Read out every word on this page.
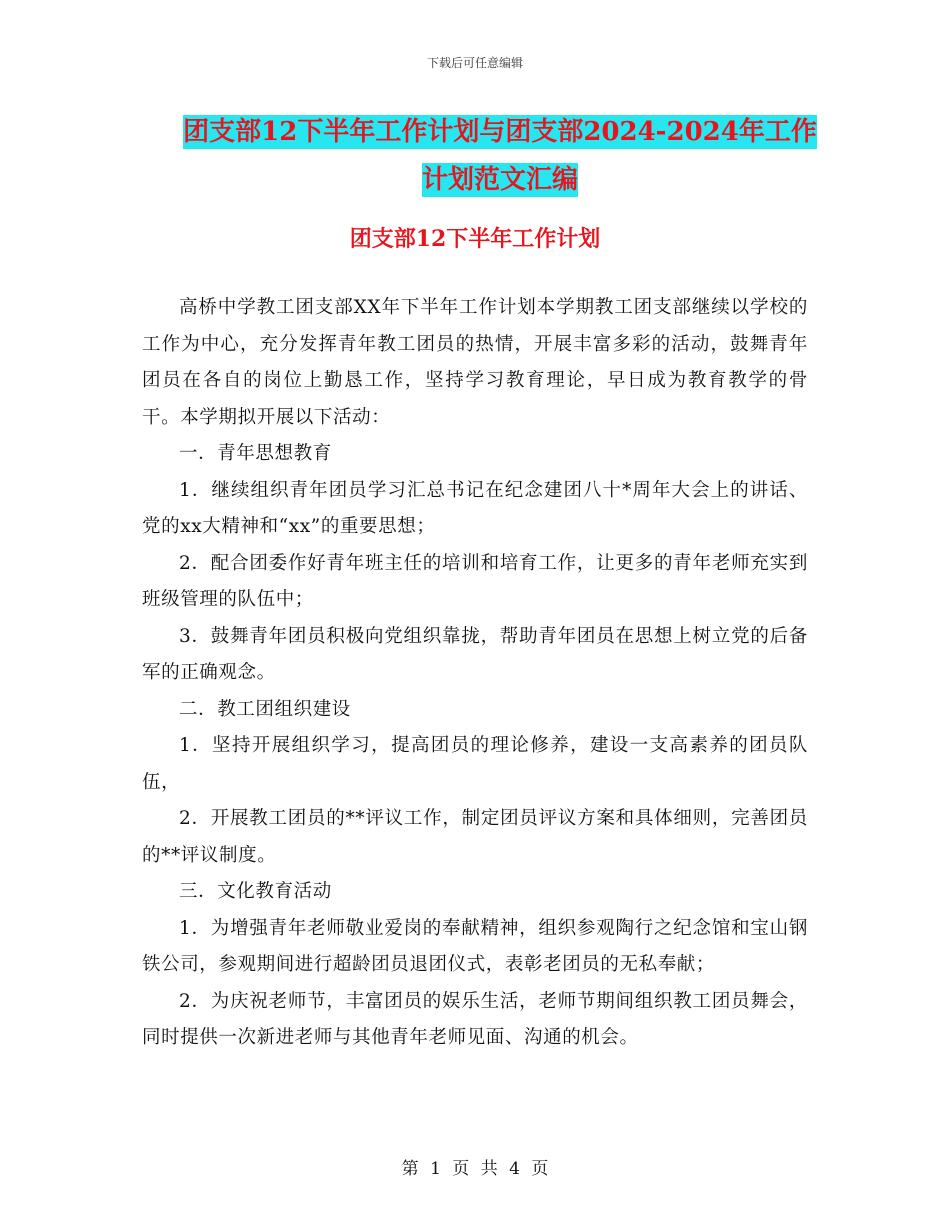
下载后可任意编辑
团支部12下半年工作计划与团支部2024-2024年工作
计划范文汇编
团支部12下半年工作计划

高桥中学教工团支部XX年下半年工作计划本学期教工团支部继续以学校的工作为中心，充分发挥青年教工团员的热情，开展丰富多彩的活动，鼓舞青年团员在各自的岗位上勤恳工作，坚持学习教育理论，早日成为教育教学的骨干。本学期拟开展以下活动：

一．青年思想教育

1．继续组织青年团员学习汇总书记在纪念建团八十*周年大会上的讲话、党的xx大精神和“xx”的重要思想；

2．配合团委作好青年班主任的培训和培育工作，让更多的青年老师充实到班级管理的队伍中；

3．鼓舞青年团员积极向党组织靠拢，帮助青年团员在思想上树立党的后备军的正确观念。

二．教工团组织建设

1．坚持开展组织学习，提高团员的理论修养，建设一支高素养的团员队伍，

2．开展教工团员的**评议工作，制定团员评议方案和具体细则，完善团员的**评议制度。

三．文化教育活动

1．为增强青年老师敬业爱岗的奉献精神，组织参观陶行之纪念馆和宝山钢铁公司，参观期间进行超龄团员退团仪式，表彰老团员的无私奉献；

2．为庆祝老师节，丰富团员的娱乐生活，老师节期间组织教工团员舞会，同时提供一次新进老师与其他青年老师见面、沟通的机会。

第 1 页 共 4 页
